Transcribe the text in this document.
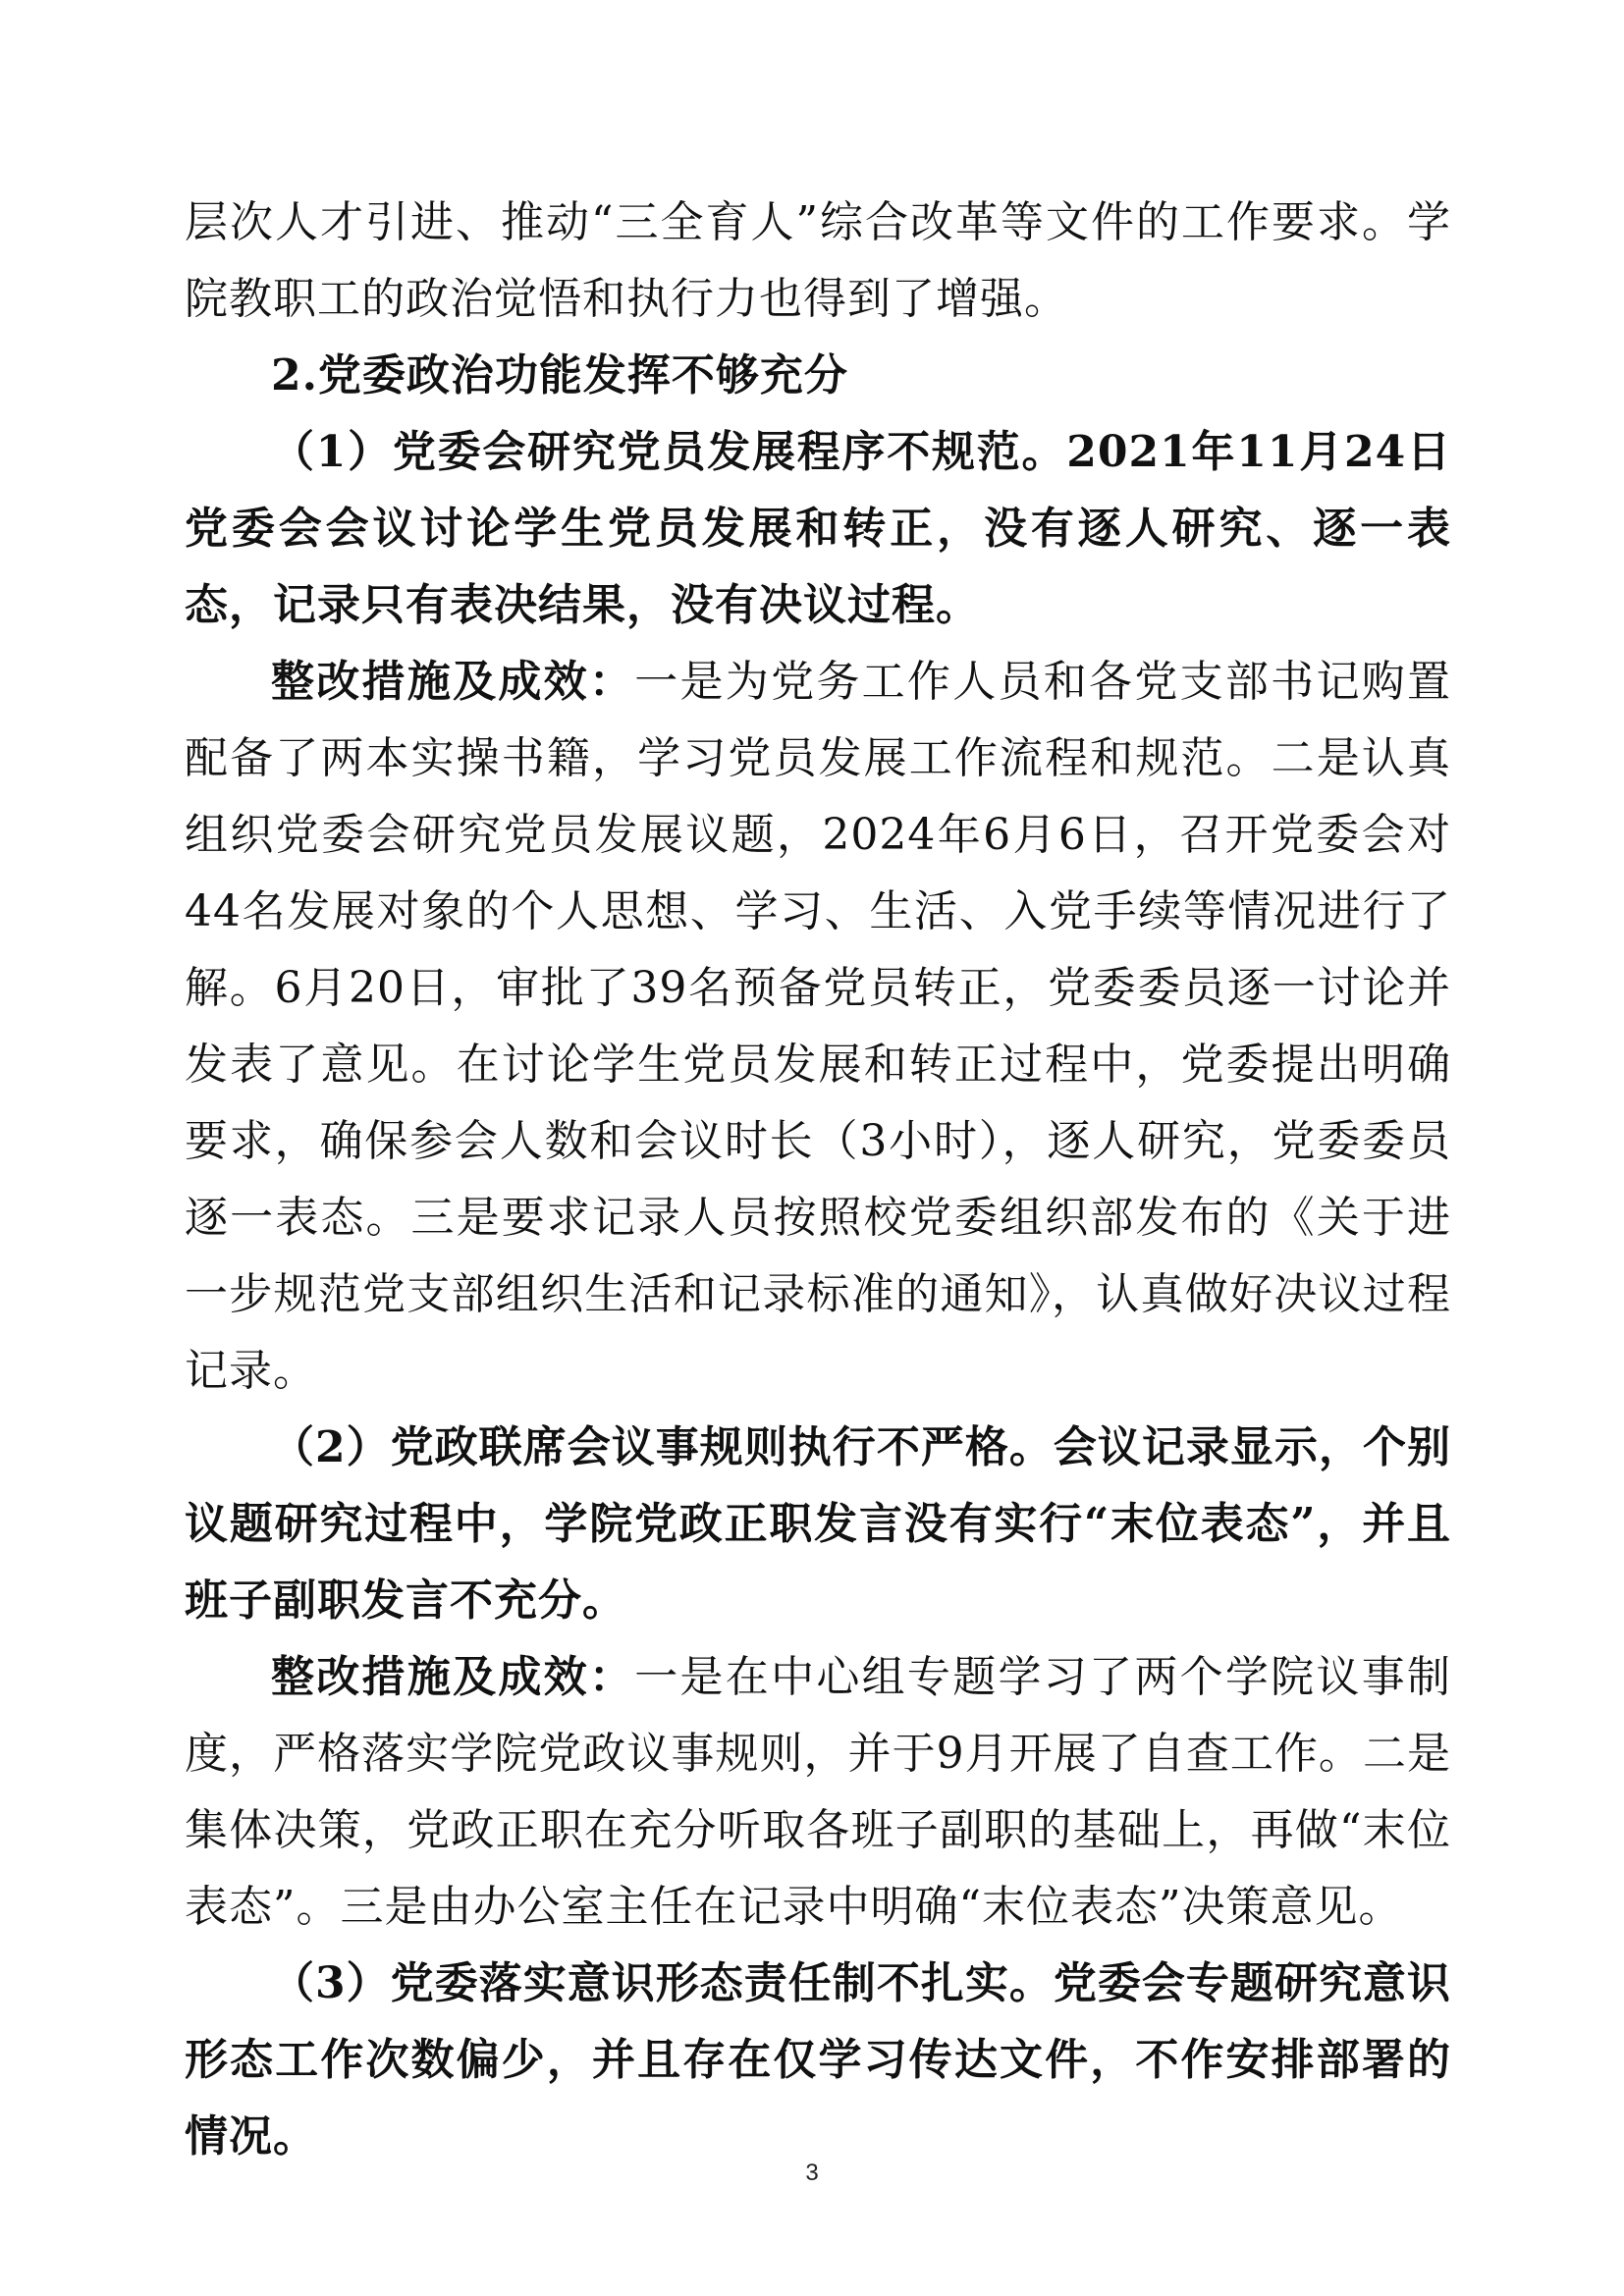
层次人才引进、推动“三全育人”综合改革等文件的工作要求。学院教职工的政治觉悟和执行力也得到了增强。

2.党委政治功能发挥不够充分

（1）党委会研究党员发展程序不规范。2021年11月24日党委会会议讨论学生党员发展和转正，没有逐人研究、逐一表态，记录只有表决结果，没有决议过程。

整改措施及成效：一是为党务工作人员和各党支部书记购置配备了两本实操书籍，学习党员发展工作流程和规范。二是认真组织党委会研究党员发展议题，2024年6月6日，召开党委会对44名发展对象的个人思想、学习、生活、入党手续等情况进行了解。6月20日，审批了39名预备党员转正，党委委员逐一讨论并发表了意见。在讨论学生党员发展和转正过程中，党委提出明确要求，确保参会人数和会议时长（3小时），逐人研究，党委委员逐一表态。三是要求记录人员按照校党委组织部发布的《关于进一步规范党支部组织生活和记录标准的通知》，认真做好决议过程记录。

（2）党政联席会议事规则执行不严格。会议记录显示，个别议题研究过程中，学院党政正职发言没有实行“末位表态”，并且班子副职发言不充分。

整改措施及成效：一是在中心组专题学习了两个学院议事制度，严格落实学院党政议事规则，并于9月开展了自查工作。二是集体决策，党政正职在充分听取各班子副职的基础上，再做“末位表态”。三是由办公室主任在记录中明确“末位表态”决策意见。

（3）党委落实意识形态责任制不扎实。党委会专题研究意识形态工作次数偏少，并且存在仅学习传达文件，不作安排部署的情况。

3
